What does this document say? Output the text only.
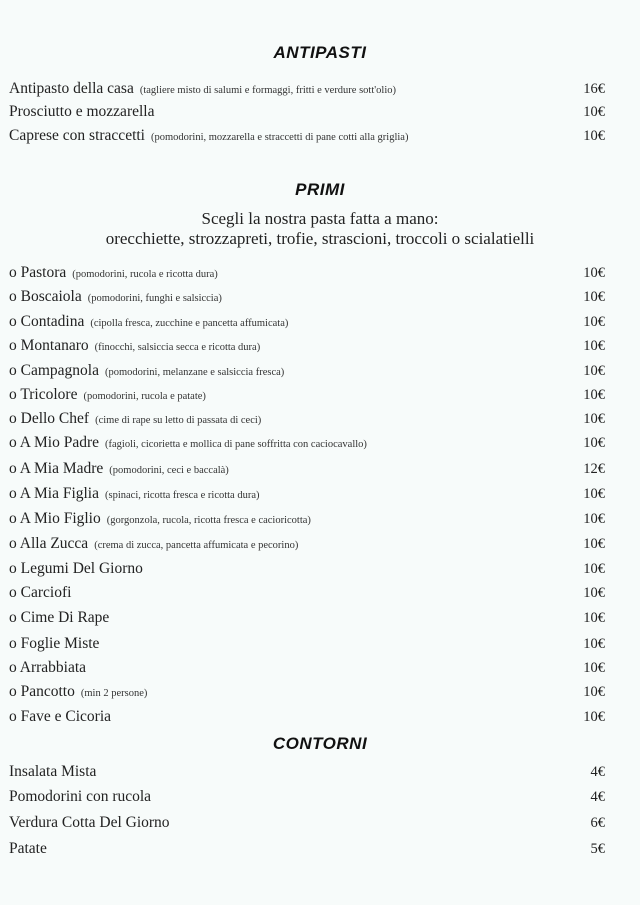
ANTIPASTI
Antipasto della casa (tagliere misto di salumi e formaggi, fritti e verdure sott'olio)	16€
Prosciutto e mozzarella	10€
Caprese con straccetti (pomodorini, mozzarella e straccetti di pane cotti alla griglia)	10€
PRIMI
Scegli la nostra pasta fatta a mano:
orecchiette, strozzapreti, trofie, strascioni, troccoli o scialatielli
o Pastora (pomodorini, rucola e ricotta dura)	10€
o Boscaiola (pomodorini, funghi e salsiccia)	10€
o Contadina (cipolla fresca, zucchine e pancetta affumicata)	10€
o Montanaro (finocchi, salsiccia secca e ricotta dura)	10€
o Campagnola (pomodorini, melanzane e salsiccia fresca)	10€
o Tricolore (pomodorini, rucola e patate)	10€
o Dello Chef (cime di rape su letto di passata di ceci)	10€
o A Mio Padre (fagioli, cicorietta e mollica di pane soffritta con caciocavallo)	10€
o A Mia Madre (pomodorini, ceci e baccalà)	12€
o A Mia Figlia (spinaci, ricotta fresca e ricotta dura)	10€
o A Mio Figlio (gorgonzola, rucola, ricotta fresca e cacioricotta)	10€
o Alla Zucca (crema di zucca, pancetta affumicata e pecorino)	10€
o Legumi Del Giorno	10€
o Carciofi	10€
o Cime Di Rape	10€
o Foglie Miste	10€
o Arrabbiata	10€
o Pancotto (min 2 persone)	10€
o Fave e Cicoria	10€
CONTORNI
Insalata Mista	4€
Pomodorini con rucola	4€
Verdura Cotta Del Giorno	6€
Patate	5€
